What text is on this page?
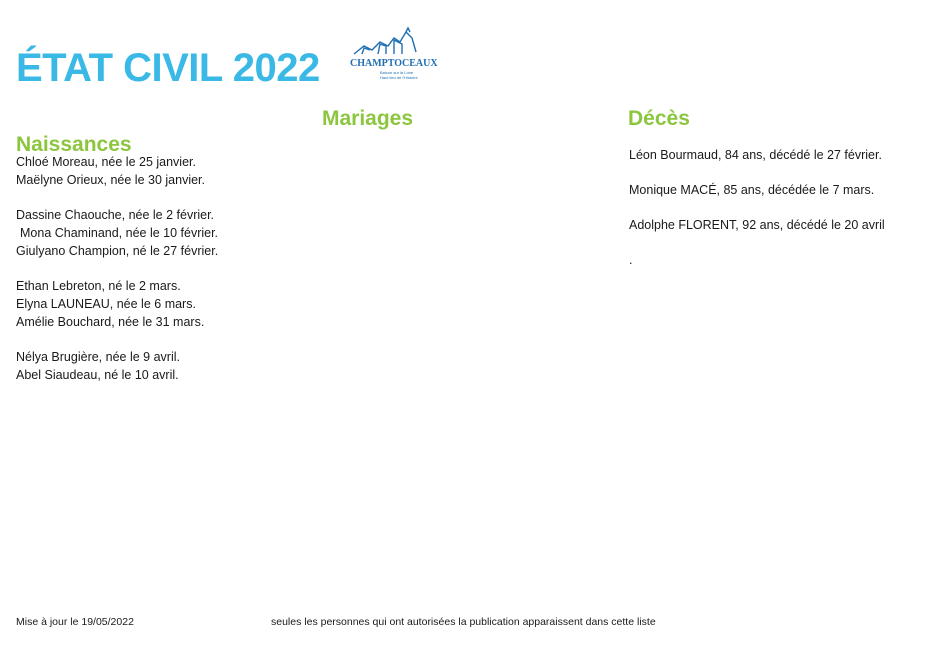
ÉTAT CIVIL 2022	CHAMPTOCEAUX
Balcon sur la Loire
Haut lieu de l'Histoire
Naissances
Mariages	Décès
Chloé Moreau, née le 25 janvier.
Maëlyne Orieux, née le 30 janvier.
Dassine Chaouche, née le 2 février.
Mona Chaminand, née le 10 février.
Giulyano Champion, né le 27 février.
Ethan Lebreton, né le 2 mars.
Elyna LAUNEAU, née le 6 mars.
Amélie Bouchard, née le 31 mars.
Nélya Brugière, née le 9 avril.
Abel Siaudeau, né le 10 avril.
Léon Bourmaud, 84 ans, décédé le 27 février.
Monique MACÉ, 85 ans, décédée le 7 mars.
Adolphe FLORENT, 92 ans, décédé le 20 avril
.
Mise à jour le 19/05/2022	seules les personnes qui ont autorisées la publication apparaissent dans cette liste
